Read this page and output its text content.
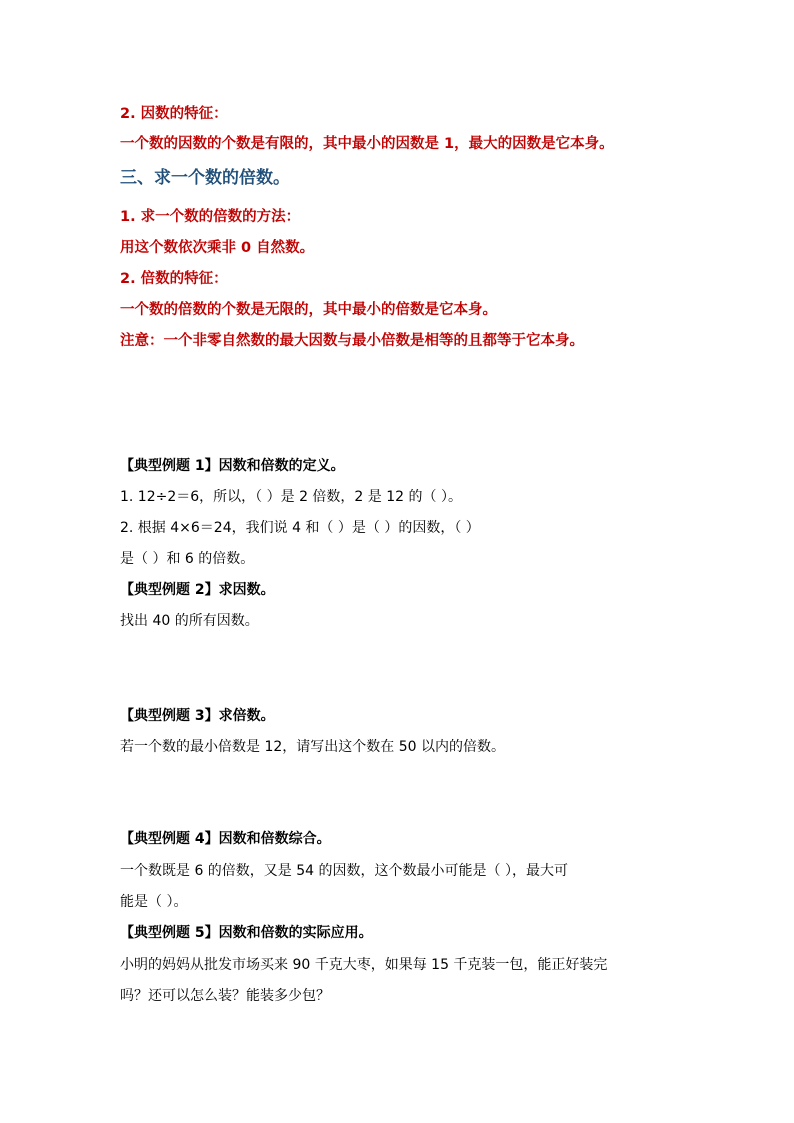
2. 因数的特征：
一个数的因数的个数是有限的，其中最小的因数是 1，最大的因数是它本身。
三、求一个数的倍数。
1. 求一个数的倍数的方法：
用这个数依次乘非 0 自然数。
2. 倍数的特征：
一个数的倍数的个数是无限的，其中最小的倍数是它本身。
注意：一个非零自然数的最大因数与最小倍数是相等的且都等于它本身。
【典型例题 1】因数和倍数的定义。
1. 12÷2＝6，所以，（ ）是 2 倍数，2 是 12 的（ ）。
2. 根据 4×6＝24，我们说 4 和（ ）是（ ）的因数，（ ）
是（ ）和 6 的倍数。
【典型例题 2】求因数。
找出 40 的所有因数。
【典型例题 3】求倍数。
若一个数的最小倍数是 12，请写出这个数在 50 以内的倍数。
【典型例题 4】因数和倍数综合。
一个数既是 6 的倍数，又是 54 的因数，这个数最小可能是（ ），最大可
能是（ ）。
【典型例题 5】因数和倍数的实际应用。
小明的妈妈从批发市场买来 90 千克大枣，如果每 15 千克装一包，能正好装完
吗？还可以怎么装？能装多少包？
